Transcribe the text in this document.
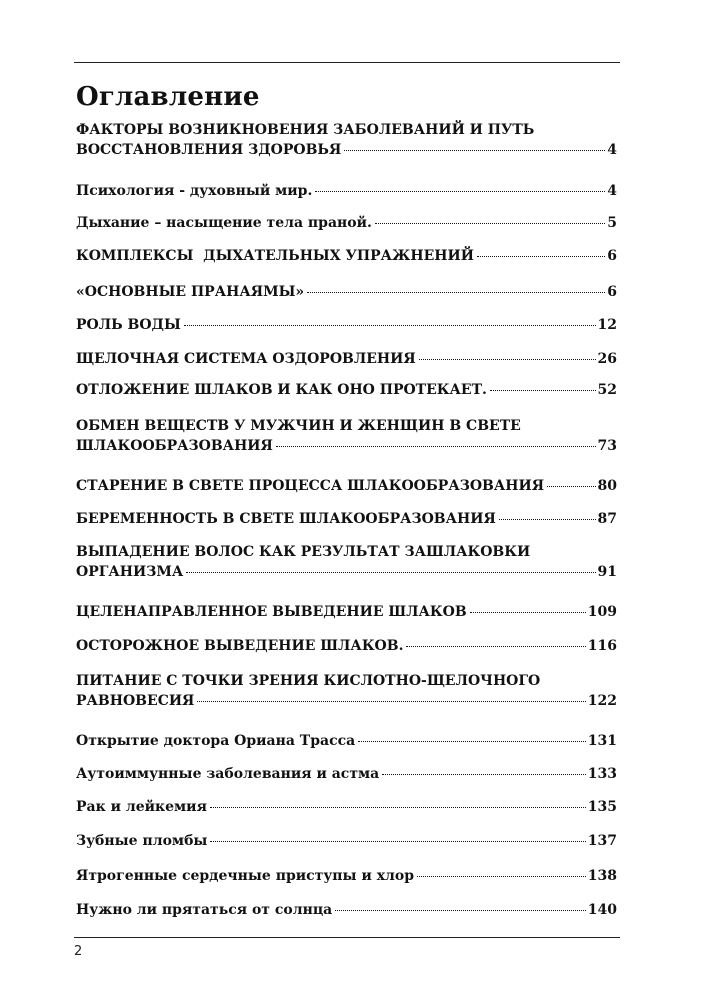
Оглавление
ФАКТОРЫ ВОЗНИКНОВЕНИЯ ЗАБОЛЕВАНИЙ И ПУТЬ
ВОССТАНОВЛЕНИЯ ЗДОРОВЬЯ	4
Психология - духовный мир.	4
Дыхание – насыщение тела праной.	5
КОМПЛЕКСЫ  ДЫХАТЕЛЬНЫХ УПРАЖНЕНИЙ	6
«ОСНОВНЫЕ ПРАНАЯМЫ»	6
РОЛЬ ВОДЫ	12
ЩЕЛОЧНАЯ СИСТЕМА ОЗДОРОВЛЕНИЯ	26
ОТЛОЖЕНИЕ ШЛАКОВ И КАК ОНО ПРОТЕКАЕТ.	52
ОБМЕН ВЕЩЕСТВ У МУЖЧИН И ЖЕНЩИН В СВЕТЕ
ШЛАКООБРАЗОВАНИЯ	73
СТАРЕНИЕ В СВЕТЕ ПРОЦЕССА ШЛАКООБРАЗОВАНИЯ	80
БЕРЕМЕННОСТЬ В СВЕТЕ ШЛАКООБРАЗОВАНИЯ	87
ВЫПАДЕНИЕ ВОЛОС КАК РЕЗУЛЬТАТ ЗАШЛАКОВКИ
ОРГАНИЗМА	91
ЦЕЛЕНАПРАВЛЕННОЕ ВЫВЕДЕНИЕ ШЛАКОВ	109
ОСТОРОЖНОЕ ВЫВЕДЕНИЕ ШЛАКОВ.	116
ПИТАНИЕ С ТОЧКИ ЗРЕНИЯ КИСЛОТНО-ЩЕЛОЧНОГО
РАВНОВЕСИЯ	122
Открытие доктора Ориана Трасса	131
Аутоиммунные заболевания и астма	133
Рак и лейкемия	135
Зубные пломбы	137
Ятрогенные сердечные приступы и хлор	138
Нужно ли прятаться от солнца	140
2
